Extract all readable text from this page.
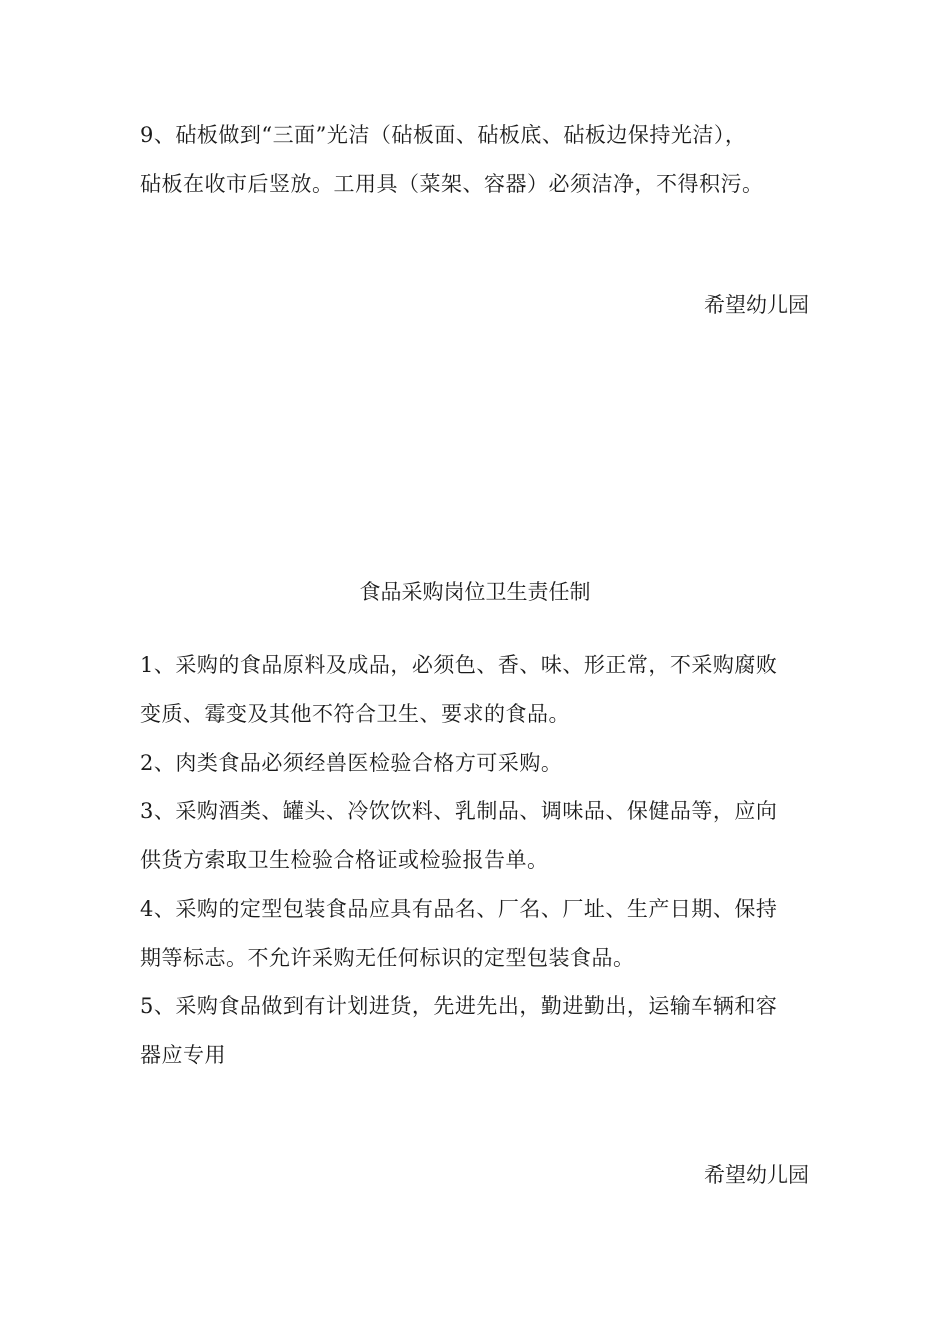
9、砧板做到“三面”光洁（砧板面、砧板底、砧板边保持光洁），
砧板在收市后竖放。工用具（菜架、容器）必须洁净，不得积污。
希望幼儿园
食品采购岗位卫生责任制
1、采购的食品原料及成品，必须色、香、味、形正常，不采购腐败
变质、霉变及其他不符合卫生、要求的食品。
2、肉类食品必须经兽医检验合格方可采购。
3、采购酒类、罐头、冷饮饮料、乳制品、调味品、保健品等，应向
供货方索取卫生检验合格证或检验报告单。
4、采购的定型包装食品应具有品名、厂名、厂址、生产日期、保持
期等标志。不允许采购无任何标识的定型包装食品。
5、采购食品做到有计划进货，先进先出，勤进勤出，运输车辆和容
器应专用
希望幼儿园
